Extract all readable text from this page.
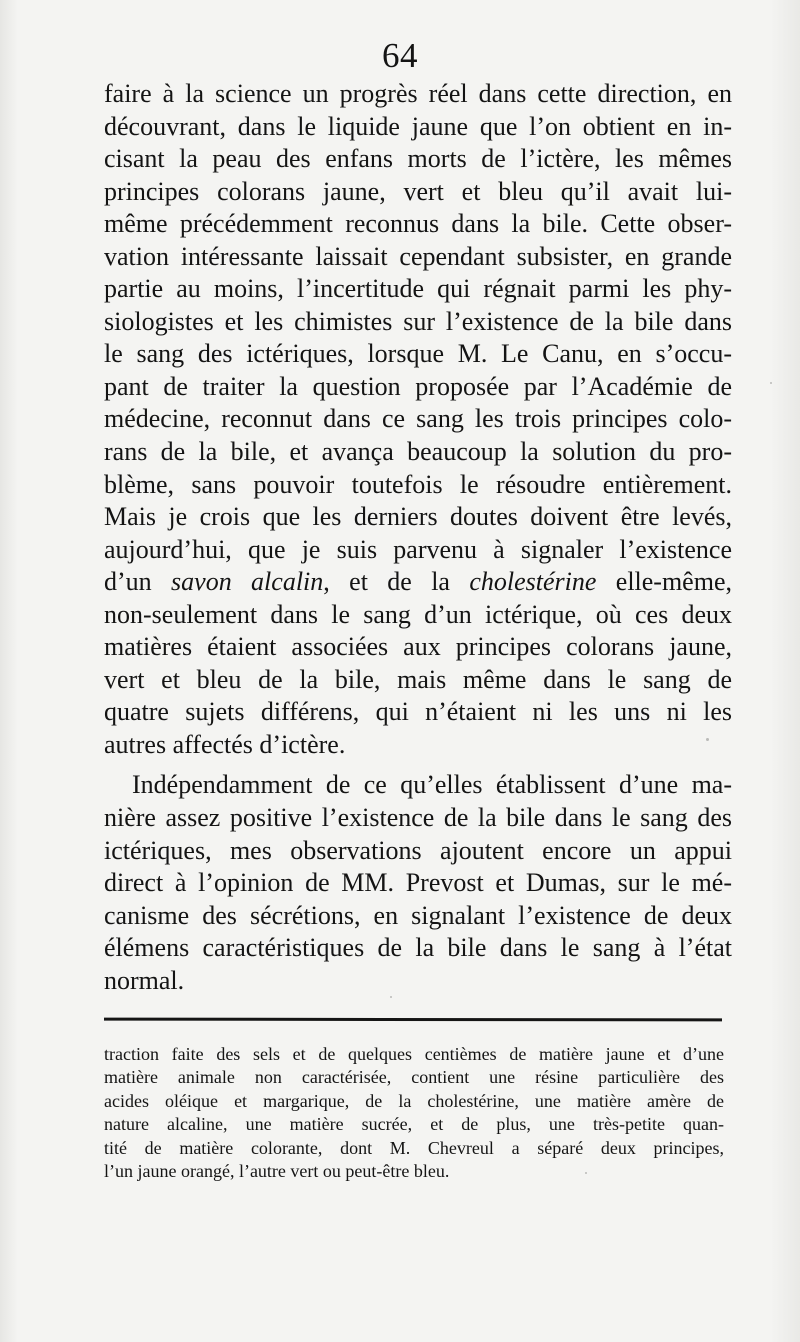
64
faire à la science un progrès réel dans cette direction, en
découvrant, dans le liquide jaune que l’on obtient en in-
cisant la peau des enfans morts de l’ictère, les mêmes
principes colorans jaune, vert et bleu qu’il avait lui-
même précédemment reconnus dans la bile. Cette obser-
vation intéressante laissait cependant subsister, en grande
partie au moins, l’incertitude qui régnait parmi les phy-
siologistes et les chimistes sur l’existence de la bile dans
le sang des ictériques, lorsque M. Le Canu, en s’occu-
pant de traiter la question proposée par l’Académie de
médecine, reconnut dans ce sang les trois principes colo-
rans de la bile, et avança beaucoup la solution du pro-
blème, sans pouvoir toutefois le résoudre entièrement.
Mais je crois que les derniers doutes doivent être levés,
aujourd’hui, que je suis parvenu à signaler l’existence
d’un savon alcalin, et de la cholestérine elle-même,
non-seulement dans le sang d’un ictérique, où ces deux
matières étaient associées aux principes colorans jaune,
vert et bleu de la bile, mais même dans le sang de
quatre sujets différens, qui n’étaient ni les uns ni les
autres affectés d’ictère.
Indépendamment de ce qu’elles établissent d’une ma-
nière assez positive l’existence de la bile dans le sang des
ictériques, mes observations ajoutent encore un appui
direct à l’opinion de MM. Prevost et Dumas, sur le mé-
canisme des sécrétions, en signalant l’existence de deux
élémens caractéristiques de la bile dans le sang à l’état
normal.
traction faite des sels et de quelques centièmes de matière jaune et d’une
matière animale non caractérisée, contient une résine particulière des
acides oléique et margarique, de la cholestérine, une matière amère de
nature alcaline, une matière sucrée, et de plus, une très-petite quan-
tité de matière colorante, dont M. Chevreul a séparé deux principes,
l’un jaune orangé, l’autre vert ou peut-être bleu.
